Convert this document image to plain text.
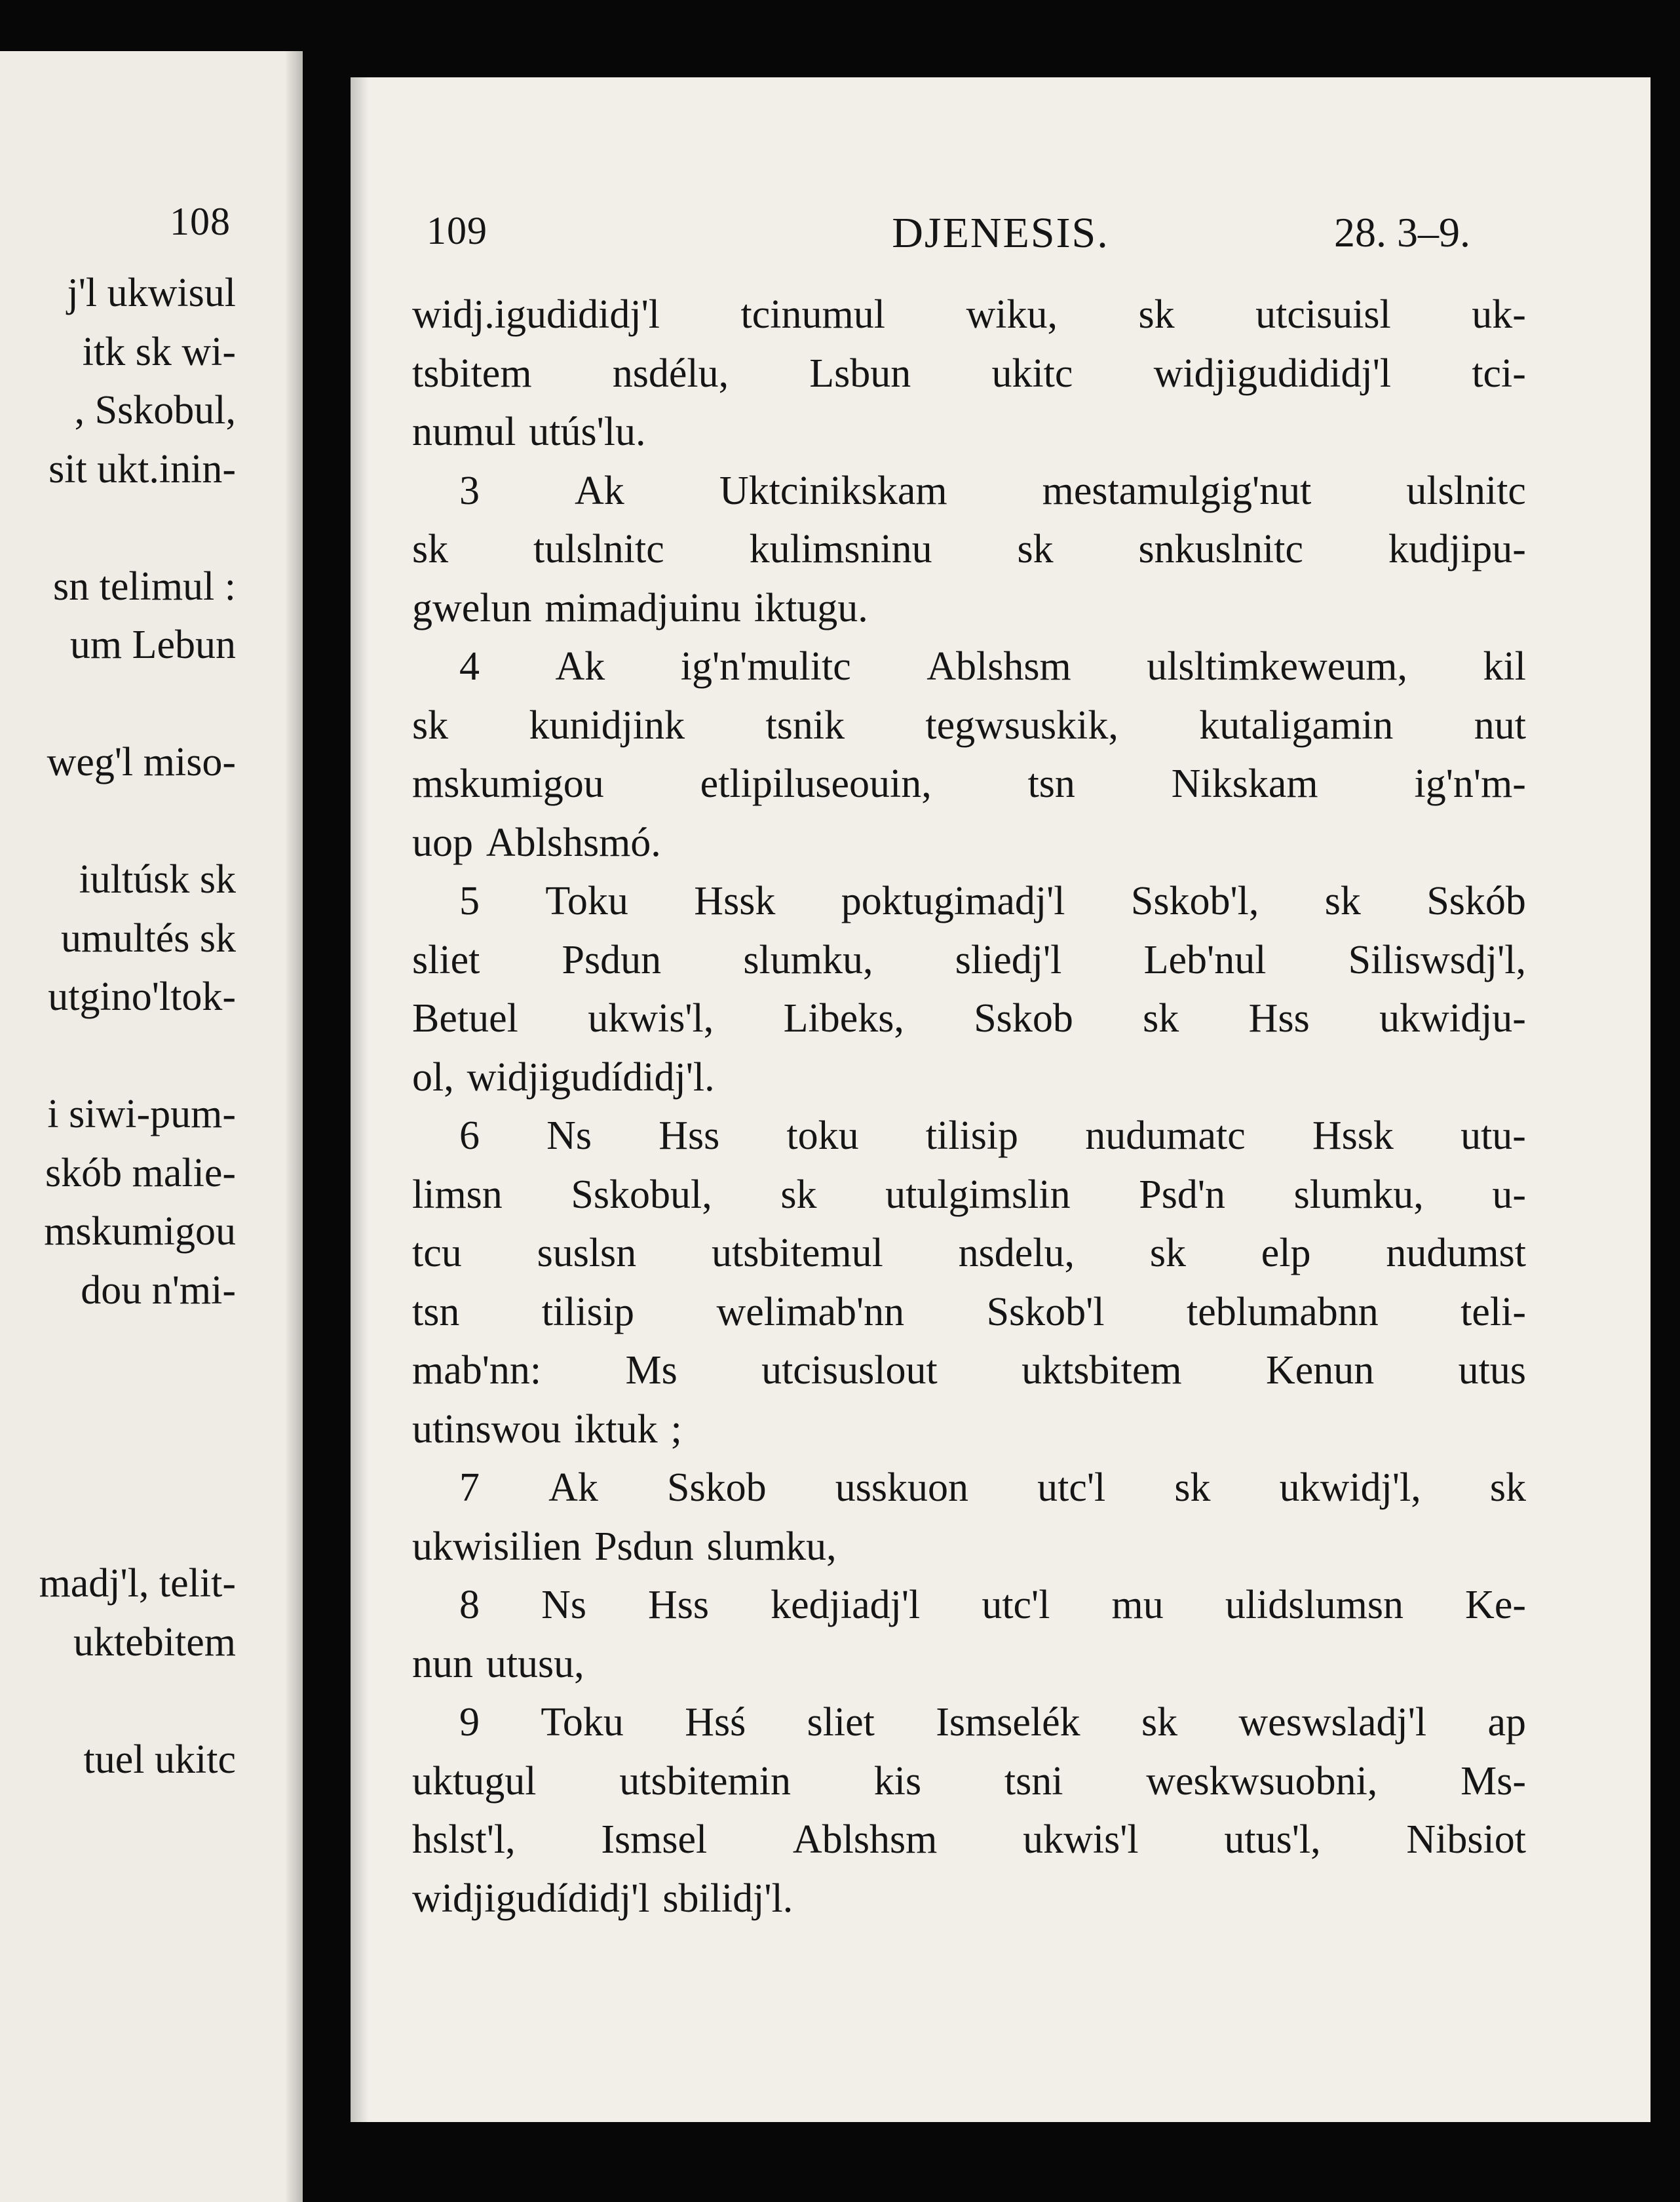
108
j'l ukwisul
itk sk wi-
, Sskobul,
sit ukt.inin-
sn telimul :
um Lebun
weg'l miso-
iultúsk sk
umultés sk
utgino'ltok-
i siwi-pum-
skób malie-
mskumigou
dou n'mi-
madj'l, telit-
uktebitem
tuel ukitc
109	DJENESIS.	28. 3–9.
widj.igudididj'l tcinumul wiku, sk utcisuisl uk-
tsbitem nsdélu, Lsbun ukitc widjigudididj'l tci-
numul utús'lu.
3 Ak Uktcinikskam mestamulgig'nut ulslnitc
sk tulslnitc kulimsninu sk snkuslnitc kudjipu-
gwelun mimadjuinu iktugu.
4 Ak ig'n'mulitc Ablshsm ulsltimkeweum, kil
sk kunidjink tsnik tegwsuskik, kutaligamin nut
mskumigou etlipiluseouin, tsn Nikskam ig'n'm-
uop Ablshsmó.
5 Toku Hssk poktugimadj'l Sskob'l, sk Sskób
sliet Psdun slumku, sliedj'l Leb'nul Siliswsdj'l,
Betuel ukwis'l, Libeks, Sskob sk Hss ukwidju-
ol, widjigudídidj'l.
6 Ns Hss toku tilisip nudumatc Hssk utu-
limsn Sskobul, sk utulgimslin Psd'n slumku, u-
tcu suslsn utsbitemul nsdelu, sk elp nudumst
tsn tilisip welimab'nn Sskob'l teblumabnn teli-
mab'nn: Ms utcisuslout uktsbitem Kenun utus
utinswou iktuk ;
7 Ak Sskob usskuon utc'l sk ukwidj'l, sk
ukwisilien Psdun slumku,
8 Ns Hss kedjiadj'l utc'l mu ulidslumsn Ke-
nun utusu,
9 Toku Hsś sliet Ismselék sk weswsladj'l ap
uktugul utsbitemin kis tsni weskwsuobni, Ms-
hslst'l, Ismsel Ablshsm ukwis'l utus'l, Nibsiot
widjigudídidj'l sbilidj'l.
